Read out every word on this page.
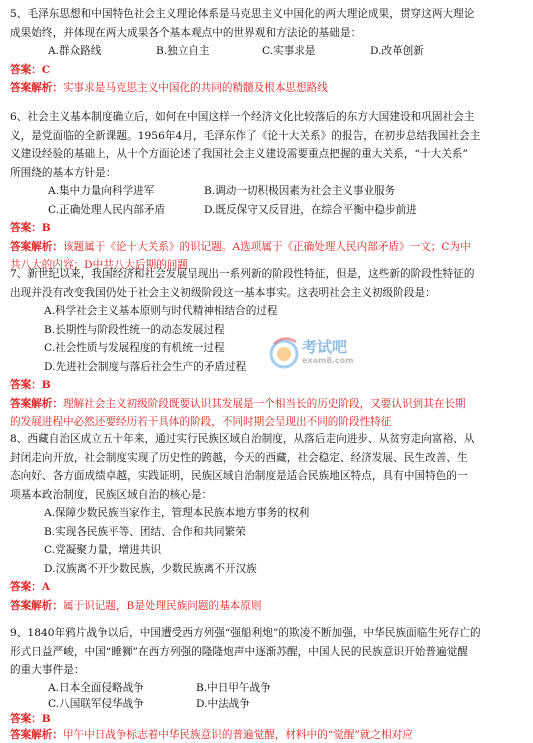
5、毛泽东思想和中国特色社会主义理论体系是马克思主义中国化的两大理论成果，贯穿这两大理论
成果始终，并体现在两大成果各个基本观点中的世界观和方法论的基础是：
A.群众路线	B.独立自主	C.实事求是	D.改革创新
答案：C
答案解析：实事求是马克思主义中国化的共同的精髓及根本思想路线
6、社会主义基本制度确立后，如何在中国这样一个经济文化比较落后的东方大国建设和巩固社会主
义，是党面临的全新课题。1956年4月，毛泽东作了《论十大关系》的报告，在初步总结我国社会主
义建设经验的基础上，从十个方面论述了我国社会主义建设需要重点把握的重大关系，“十大关系”
所围绕的基本方针是：
A.集中力量向科学进军	B.调动一切积极因素为社会主义事业服务
C.正确处理人民内部矛盾	D.既反保守又反冒进，在综合平衡中稳步前进
答案：B
答案解析：该题属于《论十大关系》的识记题。A选项属于《正确处理人民内部矛盾》一文；C为中
共八大的内容；D中共八大后期的问题
7、新世纪以来，我国经济和社会发展呈现出一系列新的阶段性特征，但是，这些新的阶段性特征的
出现并没有改变我国仍处于社会主义初级阶段这一基本事实。这表明社会主义初级阶段是：
A.科学社会主义基本原则与时代精神相结合的过程
B.长期性与阶段性统一的动态发展过程
C.社会性质与发展程度的有机统一过程
D.先进社会制度与落后社会生产的矛盾过程
答案：B
答案解析：理解社会主义初级阶段既要认识其发展是一个相当长的历史阶段，又要认识到其在长期
的发展进程中必然还要经历若干具体的阶段，不同时期会呈现出不同的阶段性特征
8、西藏自治区成立五十年来，通过实行民族区域自治制度，从落后走向进步、从贫穷走向富裕、从
封闭走向开放，社会制度实现了历史性的跨越，今天的西藏，社会稳定、经济发展、民生改善、生
态向好、各方面成绩卓越，实践证明，民族区域自治制度是适合民族地区特点，具有中国特色的一
项基本政治制度，民族区域自治的核心是：
A.保障少数民族当家作主，管理本民族本地方事务的权利
B.实现各民族平等、团结、合作和共同繁荣
C.党凝聚力量，增进共识
D.汉族离不开少数民族，少数民族离不开汉族
答案：A
答案解析：属于识记题，B是处理民族问题的基本原则
9、1840年鸦片战争以后，中国遭受西方列强“强船利炮”的欺凌不断加强，中华民族面临生死存亡的
形式日益严峻，中国“睡狮”在西方列强的隆隆炮声中逐渐苏醒，中国人民的民族意识开始普遍觉醒
的重大事件是：
A.日本全面侵略战争	B.中日甲午战争
C.八国联军侵华战争	D.中法战争
答案：B
答案解析：甲午中日战争标志着中华民族意识的普遍觉醒，材料中的“觉醒”就之相对应
考试吧
exam8.com
